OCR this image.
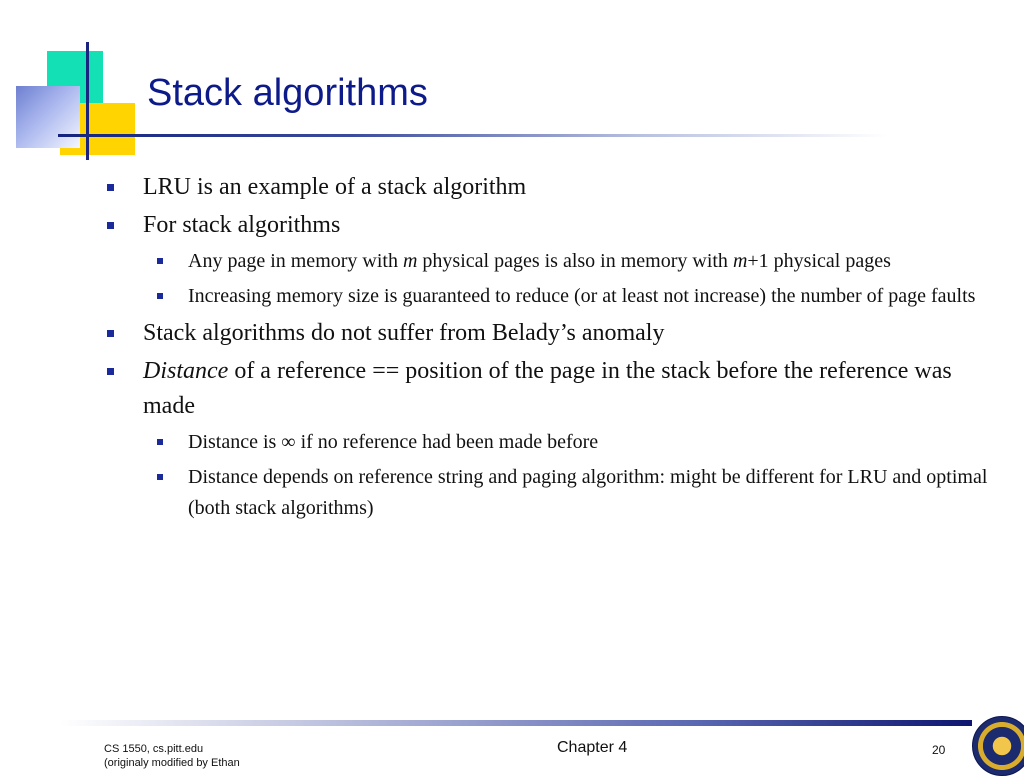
Stack algorithms
LRU is an example of a stack algorithm
For stack algorithms
Any page in memory with m physical pages is also in memory with m+1 physical pages
Increasing memory size is guaranteed to reduce (or at least not increase) the number of page faults
Stack algorithms do not suffer from Belady’s anomaly
Distance of a reference == position of the page in the stack before the reference was made
Distance is ∞ if no reference had been made before
Distance depends on reference string and paging algorithm: might be different for LRU and optimal (both stack algorithms)
CS 1550, cs.pitt.edu
(originaly modified by Ethan
Chapter 4	20
